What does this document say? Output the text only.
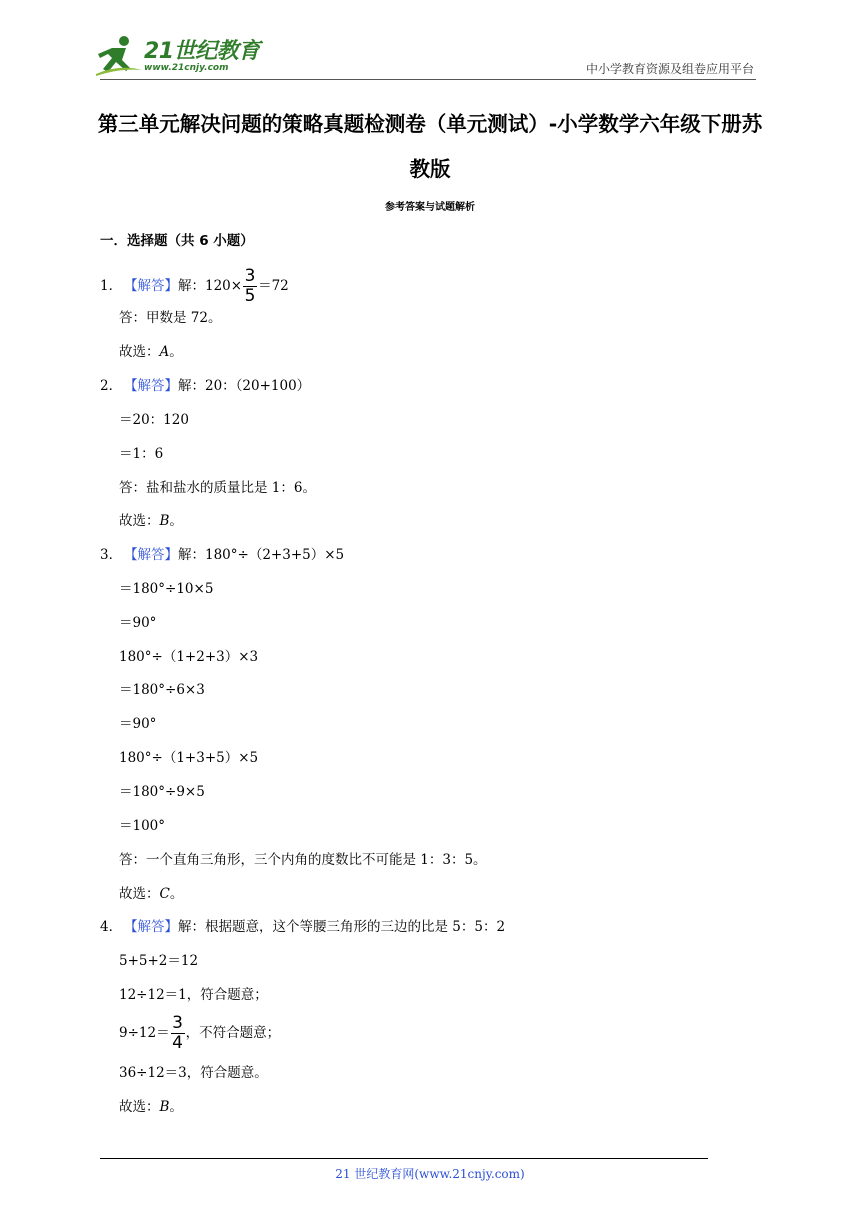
21世纪教育
www.21cnjy.com	中小学教育资源及组卷应用平台
第三单元解决问题的策略真题检测卷（单元测试）-小学数学六年级下册苏教版
参考答案与试题解析
一．选择题（共 6 小题）
1． 【解答】解：$120\times \frac{3}{5} =72$
答：甲数是 72。
故选：A。
2． 【解答】解：20：（20+100）
＝20：120
＝1：6
答：盐和盐水的质量比是 1：6。
故选：B。
3． 【解答】解：180°÷（2+3+5）×5
＝180°÷10×5
＝90°
180°÷（1+2+3）×3
＝180°÷6×3
＝90°
180°÷（1+3+5）×5
＝180°÷9×5
＝100°
答：一个直角三角形，三个内角的度数比不可能是 1：3：5。
故选：C。
4． 【解答】解：根据题意，这个等腰三角形的三边的比是 5：5：2
5+5+2＝12
12÷12＝1，符合题意；
$9\div 12= \frac{3}{4}$ ，不符合题意；
36÷12＝3，符合题意。
故选：B。
21 世纪教育网(www.21cnjy.com)
